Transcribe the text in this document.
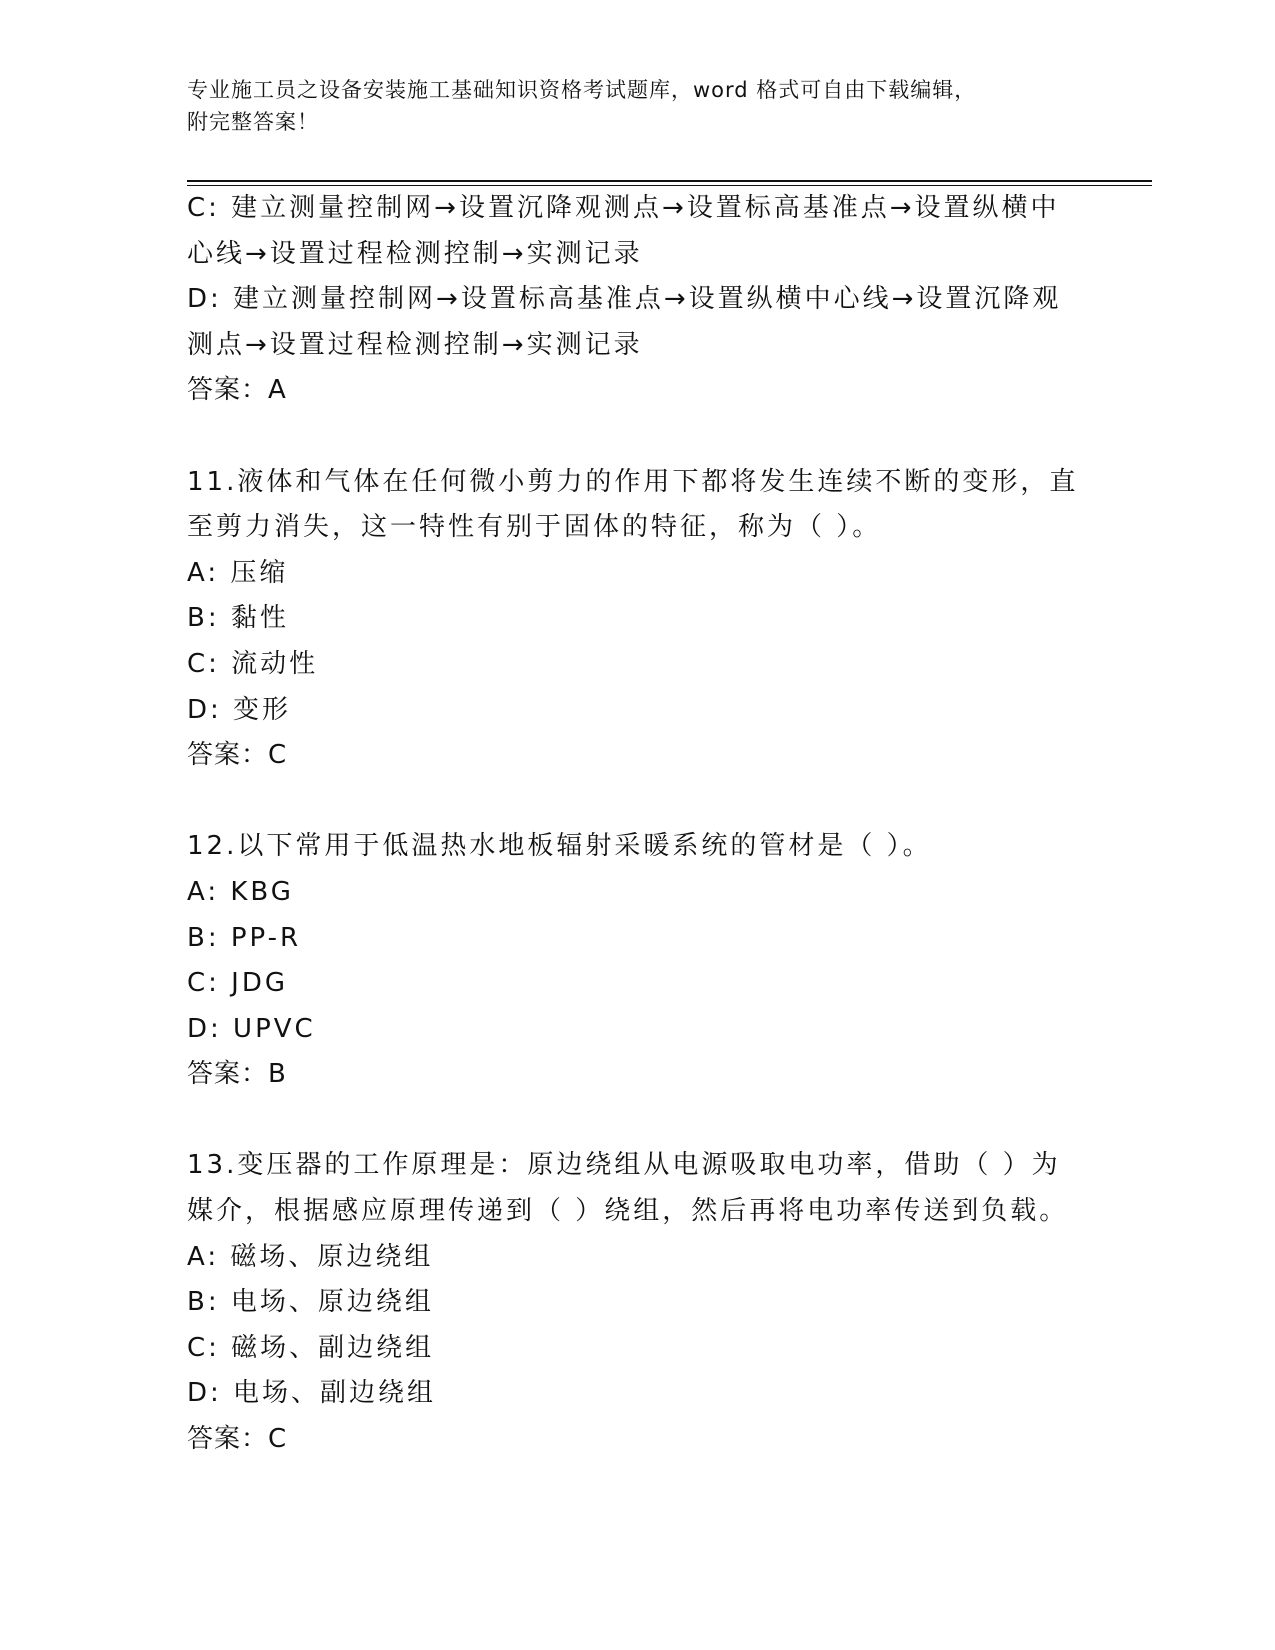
专业施工员之设备安装施工基础知识资格考试题库，word 格式可自由下载编辑，
附完整答案！
C: 建立测量控制网→设置沉降观测点→设置标高基准点→设置纵横中
心线→设置过程检测控制→实测记录
D: 建立测量控制网→设置标高基准点→设置纵横中心线→设置沉降观
测点→设置过程检测控制→实测记录
答案：A
11.液体和气体在任何微小剪力的作用下都将发生连续不断的变形，直
至剪力消失，这一特性有别于固体的特征，称为（ ）。
A: 压缩
B: 黏性
C: 流动性
D: 变形
答案：C
12.以下常用于低温热水地板辐射采暖系统的管材是（ ）。
A: KBG
B: PP-R
C: JDG
D: UPVC
答案：B
13.变压器的工作原理是：原边绕组从电源吸取电功率，借助（ ）为
媒介，根据感应原理传递到（ ）绕组，然后再将电功率传送到负载。
A: 磁场、原边绕组
B: 电场、原边绕组
C: 磁场、副边绕组
D: 电场、副边绕组
答案：C
